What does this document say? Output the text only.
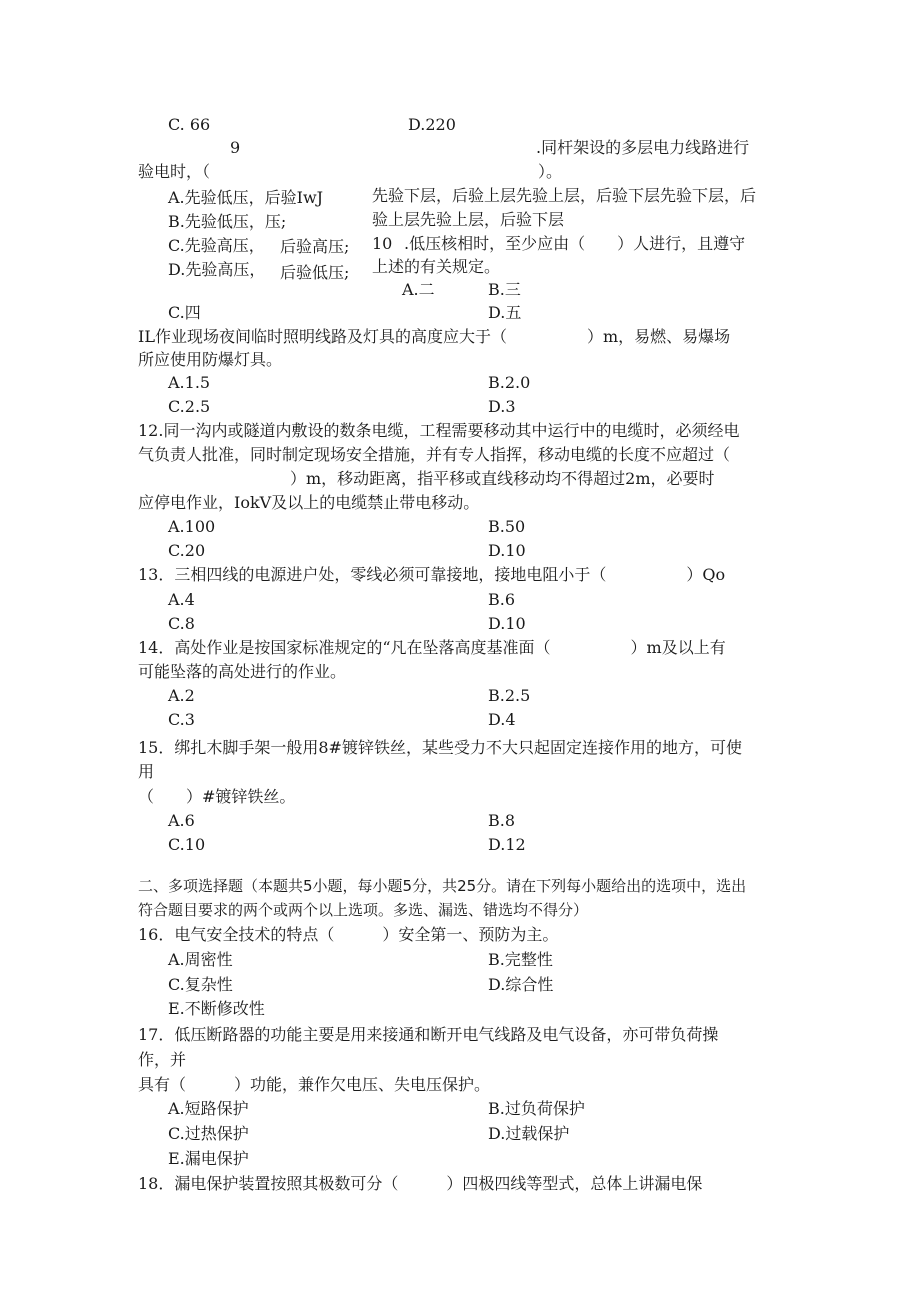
C. 66	D.220
9	.同杆架设的多层电力线路进行
验电时，（	）。
A.先验低压，后验IwJ
B.先验低压，压;
C.先验高压， 后验高压;
D.先验高压， 后验低压;
先验下层，后验上层先验上层，后验下层先验下层，后
验上层先验上层，后验下层
10 .低压核相时，至少应由（　　）人进行，且遵守
上述的有关规定。
A.二	B.三
C.四	D.五
IL作业现场夜间临时照明线路及灯具的高度应大于（　　　　　）m，易燃、易爆场
所应使用防爆灯具。
A.1.5	B.2.0
C.2.5	D.3
12.同一沟内或隧道内敷设的数条电缆，工程需要移动其中运行中的电缆时，必须经电
气负责人批准，同时制定现场安全措施，并有专人指挥，移动电缆的长度不应超过（
）m，移动距离，指平移或直线移动均不得超过2m，必要时
应停电作业，IokV及以上的电缆禁止带电移动。
A.100	B.50
C.20	D.10
13．三相四线的电源进户处，零线必须可靠接地，接地电阻小于（　　　　　）Qo
A.4	B.6
C.8	D.10
14．高处作业是按国家标准规定的“凡在坠落高度基准面（　　　　　）m及以上有
可能坠落的高处进行的作业。
A.2	B.2.5
C.3	D.4
15．绑扎木脚手架一般用8#镀锌铁丝，某些受力不大只起固定连接作用的地方，可使
用
（　　）#镀锌铁丝。
A.6	B.8
C.10	D.12
二、多项选择题（本题共5小题，每小题5分，共25分。请在下列每小题给出的选项中，选出
符合题目要求的两个或两个以上选项。多选、漏选、错选均不得分）
16．电气安全技术的特点（　　　）安全第一、预防为主。
A.周密性	B.完整性
C.复杂性	D.综合性
E.不断修改性
17．低压断路器的功能主要是用来接通和断开电气线路及电气设备，亦可带负荷操
作，并
具有（　　　）功能，兼作欠电压、失电压保护。
A.短路保护	B.过负荷保护
C.过热保护	D.过载保护
E.漏电保护
18．漏电保护装置按照其极数可分（　　　）四极四线等型式，总体上讲漏电保
